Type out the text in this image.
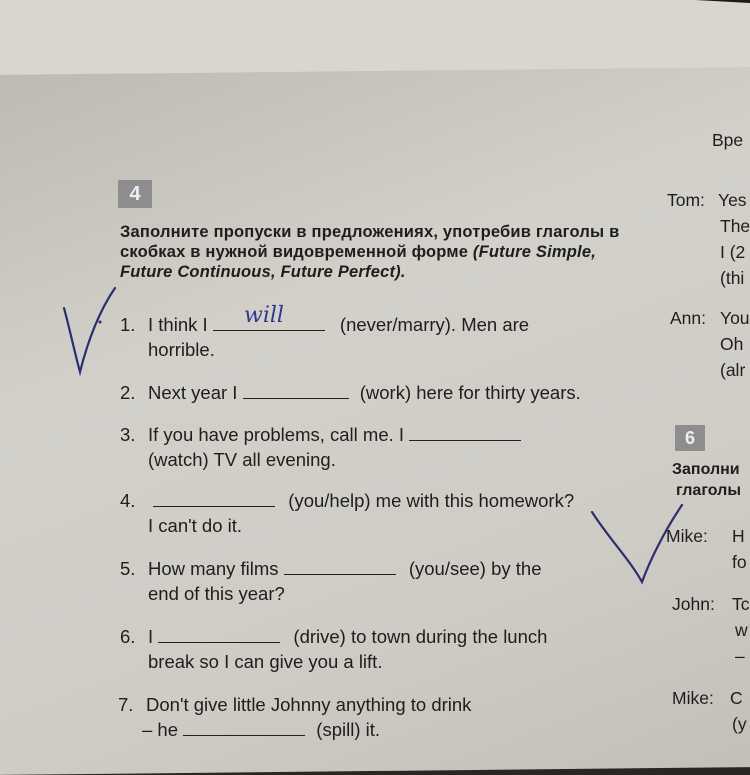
4
Заполните пропуски в предложениях, употребив глаголы в скобках в нужной видовременной форме (Future Simple, Future Continuous, Future Perfect).
1. I think I	(never/marry). Men are
horrible.
will
2. Next year I	(work) here for thirty years.
3. If you have problems, call me. I
(watch) TV all evening.
4.	(you/help) me with this homework?
I can't do it.
5. How many films	(you/see) by the
end of this year?
6. I	(drive) to town during the lunch
break so I can give you a lift.
7. Don't give little Johnny anything to drink
– he	(spill) it.
Вре
Tom: Yes
The
I (2
(thi
Ann: You
Oh
(alr
6
Заполни
глаголы
Mike: H
fo
John: Tc
w
–
Mike: C
(y
